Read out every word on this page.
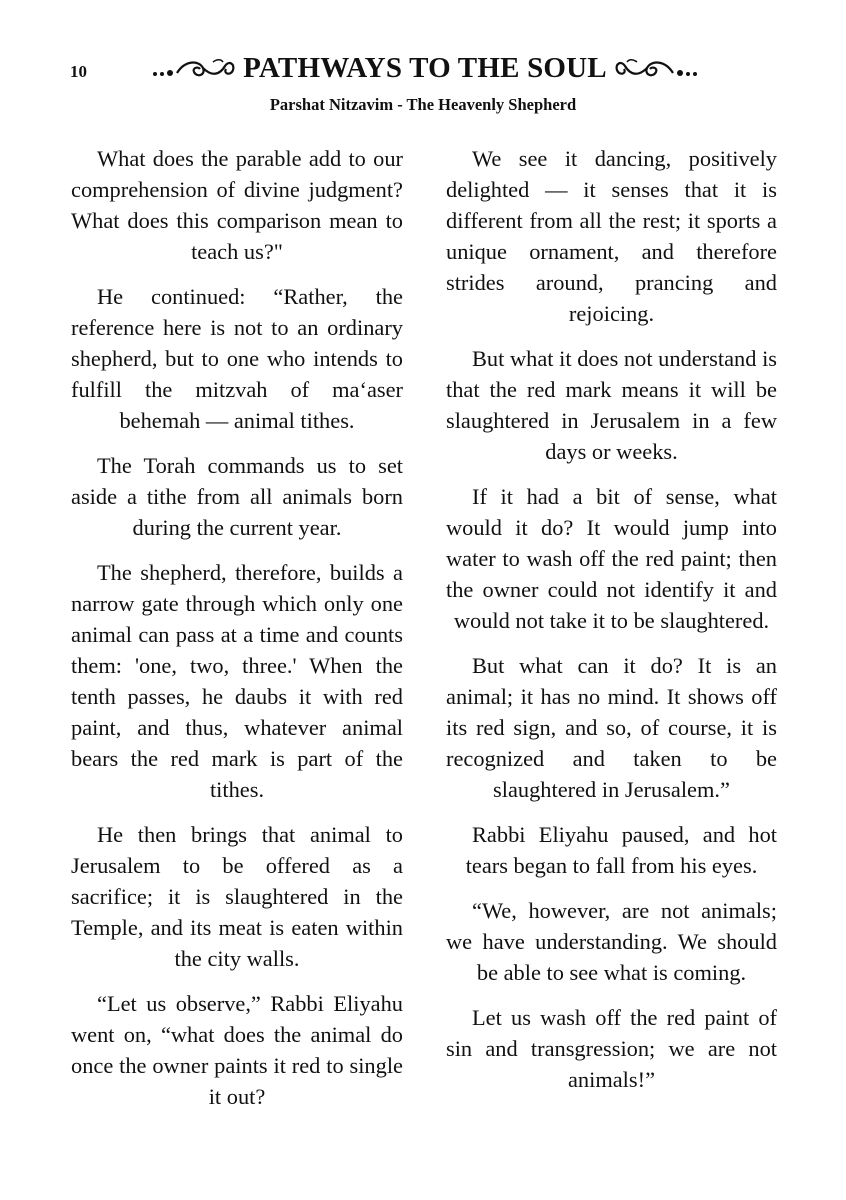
10	PATHWAYS TO THE SOUL
Parshat Nitzavim - The Heavenly Shepherd

What does the parable add to our comprehension of divine judgment? What does this comparison mean to teach us?"

He continued: “Rather, the reference here is not to an ordinary shepherd, but to one who intends to fulfill the mitzvah of ma‘aser behemah — animal tithes.

The Torah commands us to set aside a tithe from all animals born during the current year.

The shepherd, therefore, builds a narrow gate through which only one animal can pass at a time and counts them: 'one, two, three.' When the tenth passes, he daubs it with red paint, and thus, whatever animal bears the red mark is part of the tithes.

He then brings that animal to Jerusalem to be offered as a sacrifice; it is slaughtered in the Temple, and its meat is eaten within the city walls.

“Let us observe,” Rabbi Eliyahu went on, “what does the animal do once the owner paints it red to single it out?

We see it dancing, positively delighted — it senses that it is different from all the rest; it sports a unique ornament, and therefore strides around, prancing and rejoicing.

But what it does not understand is that the red mark means it will be slaughtered in Jerusalem in a few days or weeks.

If it had a bit of sense, what would it do? It would jump into water to wash off the red paint; then the owner could not identify it and would not take it to be slaughtered.

But what can it do? It is an animal; it has no mind. It shows off its red sign, and so, of course, it is recognized and taken to be slaughtered in Jerusalem.”

Rabbi Eliyahu paused, and hot tears began to fall from his eyes.

“We, however, are not animals; we have understanding. We should be able to see what is coming.

Let us wash off the red paint of sin and transgression; we are not animals!”
